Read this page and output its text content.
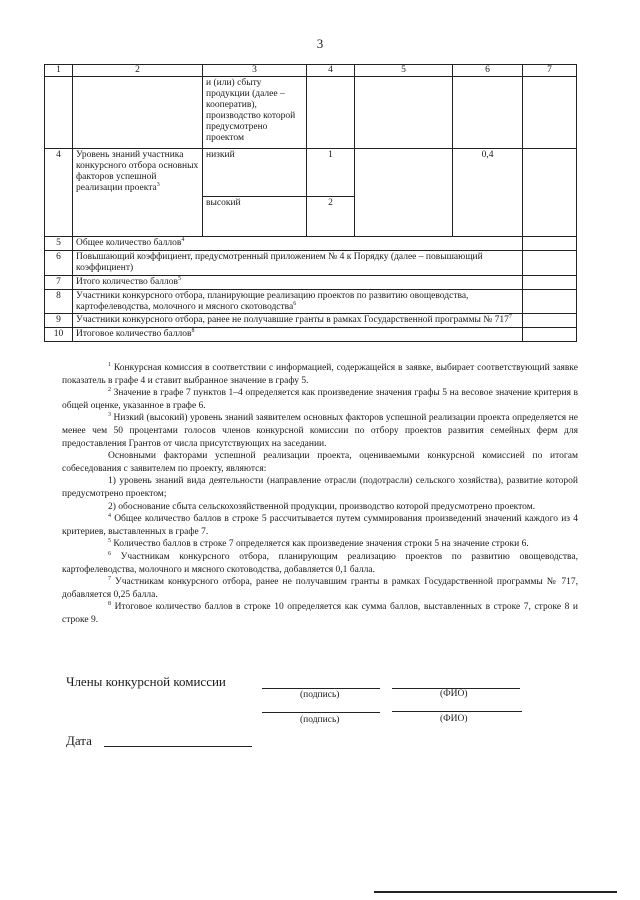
3
1	2	3	4	5	6	7
		и (или) сбыту продукции (далее – кооператив), производство которой предусмотрено проектом				
4	Уровень знаний участника конкурсного отбора основных факторов успешной реализации проекта$^3$	низкий	1		0,4	
		высокий	2			
5	Общее количество баллов$^4$	
6	Повышающий коэффициент, предусмотренный приложением № 4 к Порядку (далее – повышающий коэффициент)					
7	Итого количество баллов$^5$	
8	Участники конкурсного отбора, планирующие реализацию проектов по развитию овощеводства, картофелеводства, молочного и мясного скотоводства$^6$	
9	Участники конкурсного отбора, ранее не получавшие гранты в рамках Государственной программы № $717^7$	
10	Итоговое количество баллов$^8$	

$^1$ Конкурсная комиссия в соответствии с информацией, содержащейся в заявке, выбирает соответствующий заявке показатель в графе 4 и ставит выбранное значение в графу 5.

$^2$ Значение в графе 7 пунктов 1–4 определяется как произведение значения графы 5 на весовое значение критерия в общей оценке, указанное в графе 6.

$^3$ Низкий (высокий) уровень знаний заявителем основных факторов успешной реализации проекта определяется не менее чем 50 процентами голосов членов конкурсной комиссии по отбору проектов развития семейных ферм для предоставления Грантов от числа присутствующих на заседании.

Основными факторами успешной реализации проекта, оцениваемыми конкурсной комиссией по итогам собеседования с заявителем по проекту, являются:

1) уровень знаний вида деятельности (направление отрасли (подотрасли) сельского хозяйства), развитие которой предусмотрено проектом;

2) обоснование сбыта сельскохозяйственной продукции, производство которой предусмотрено проектом.

$^4$ Общее количество баллов в строке 5 рассчитывается путем суммирования произведений значений каждого из 4 критериев, выставленных в графе 7.

$^5$ Количество баллов в строке 7 определяется как произведение значения строки 5 на значение строки 6.

$^6$ Участникам конкурсного отбора, планирующим реализацию проектов по развитию овощеводства, картофелеводства, молочного и мясного скотоводства, добавляется 0,1 балла.

$^7$ Участникам конкурсного отбора, ранее не получавшим гранты в рамках Государственной программы № 717, добавляется 0,25 балла.

$^8$ Итоговое количество баллов в строке 10 определяется как сумма баллов, выставленных в строке 7, строке 8 и строке 9.

Члены конкурсной комиссии
(подпись)	(ФИО)
(подпись)	(ФИО)
Дата
